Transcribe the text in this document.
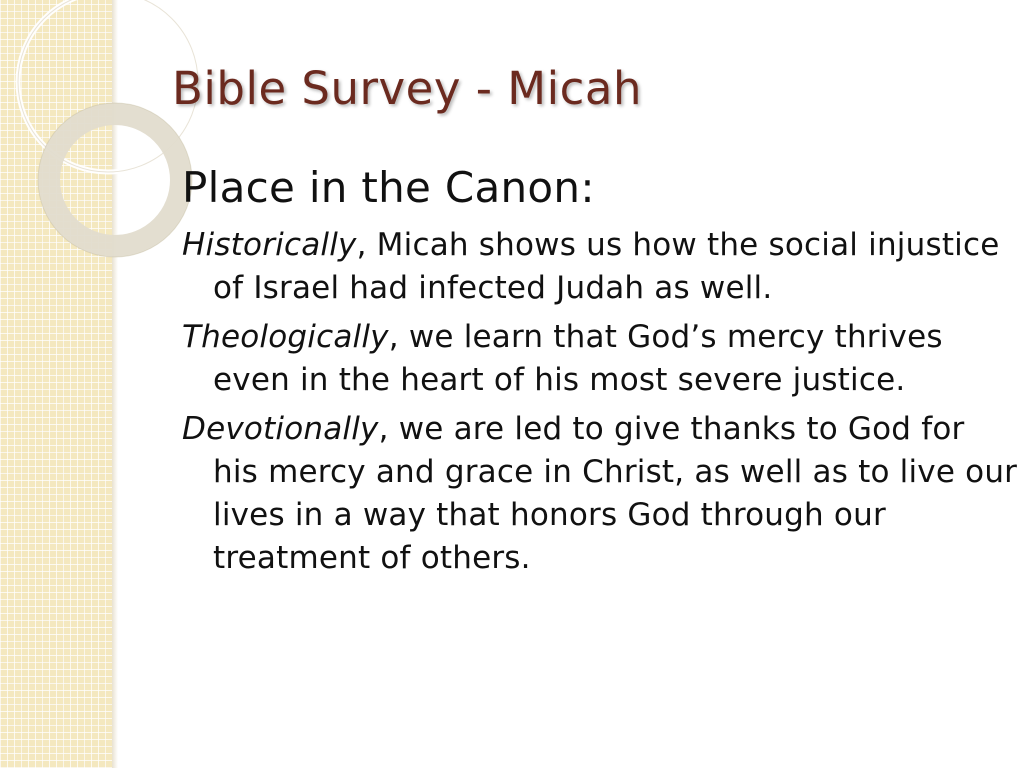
Bible Survey - Micah
Place in the Canon:

Historically, Micah shows us how the social injustice of Israel had infected Judah as well.

Theologically, we learn that God’s mercy thrives even in the heart of his most severe justice.

Devotionally, we are led to give thanks to God for his mercy and grace in Christ, as well as to live our lives in a way that honors God through our treatment of others.
